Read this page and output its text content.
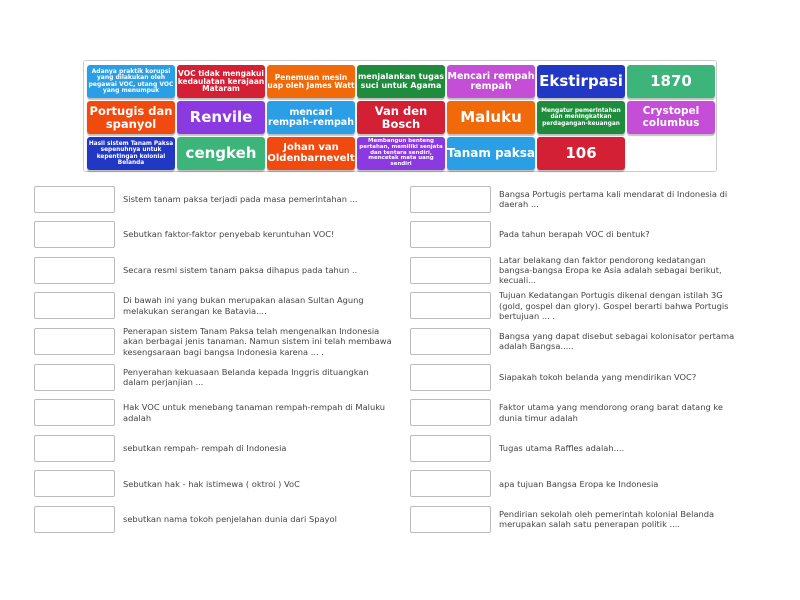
Adanya praktik korupsi yang dilakukan oleh pegawai VOC, utang VOC yang menumpuk
VOC tidak mengakui kedaulatan kerajaan Mataram
Penemuan mesin uap oleh James Watt
menjalankan tugas suci untuk Agama
Mencari rempah rempah	Ekstirpasi	1870
Portugis dan spanyol	Renvile	mencari rempah-rempah
Van den Bosch	Maluku	Mengatur pemerintahan dan meningkatkan perdagangan-keuangan
Crystopel columbus
Hasil sistem Tanam Paksa sepenuhnya untuk kepentingan kolonial Belanda
cengkeh	Johan van Oldenbarnevelt
Membangun benteng pertahan, memiliki senjata dan tentara sendiri, mencetak mata uang sendiri
Tanam paksa	106
Sistem tanam paksa terjadi pada masa pemerintahan ...
Sebutkan faktor-faktor penyebab keruntuhan VOC!
Secara resmi sistem tanam paksa dihapus pada tahun ..
Di bawah ini yang bukan merupakan alasan Sultan Agung melakukan serangan ke Batavia....
Penerapan sistem Tanam Paksa telah mengenalkan Indonesia akan berbagai jenis tanaman. Namun sistem ini telah membawa kesengsaraan bagi bangsa Indonesia karena ... .
Penyerahan kekuasaan Belanda kepada Inggris dituangkan dalam perjanjian ...
Hak VOC untuk menebang tanaman rempah-rempah di Maluku adalah
sebutkan rempah- rempah di Indonesia
Sebutkan hak - hak istimewa ( oktroi ) VoC
sebutkan nama tokoh penjelahan dunia dari Spayol
Bangsa Portugis pertama kali mendarat di Indonesia di daerah ...
Pada tahun berapah VOC di bentuk?
Latar belakang dan faktor pendorong kedatangan bangsa-bangsa Eropa ke Asia adalah sebagai berikut, kecuali...
Tujuan Kedatangan Portugis dikenal dengan istilah 3G (gold, gospel dan glory). Gospel berarti bahwa Portugis bertujuan ... .
Bangsa yang dapat disebut sebagai kolonisator pertama adalah Bangsa.....
Siapakah tokoh belanda yang mendirikan VOC?
Faktor utama yang mendorong orang barat datang ke dunia timur adalah
Tugas utama Raffles adalah....
apa tujuan Bangsa Eropa ke Indonesia
Pendirian sekolah oleh pemerintah kolonial Belanda merupakan salah satu penerapan politik ....
